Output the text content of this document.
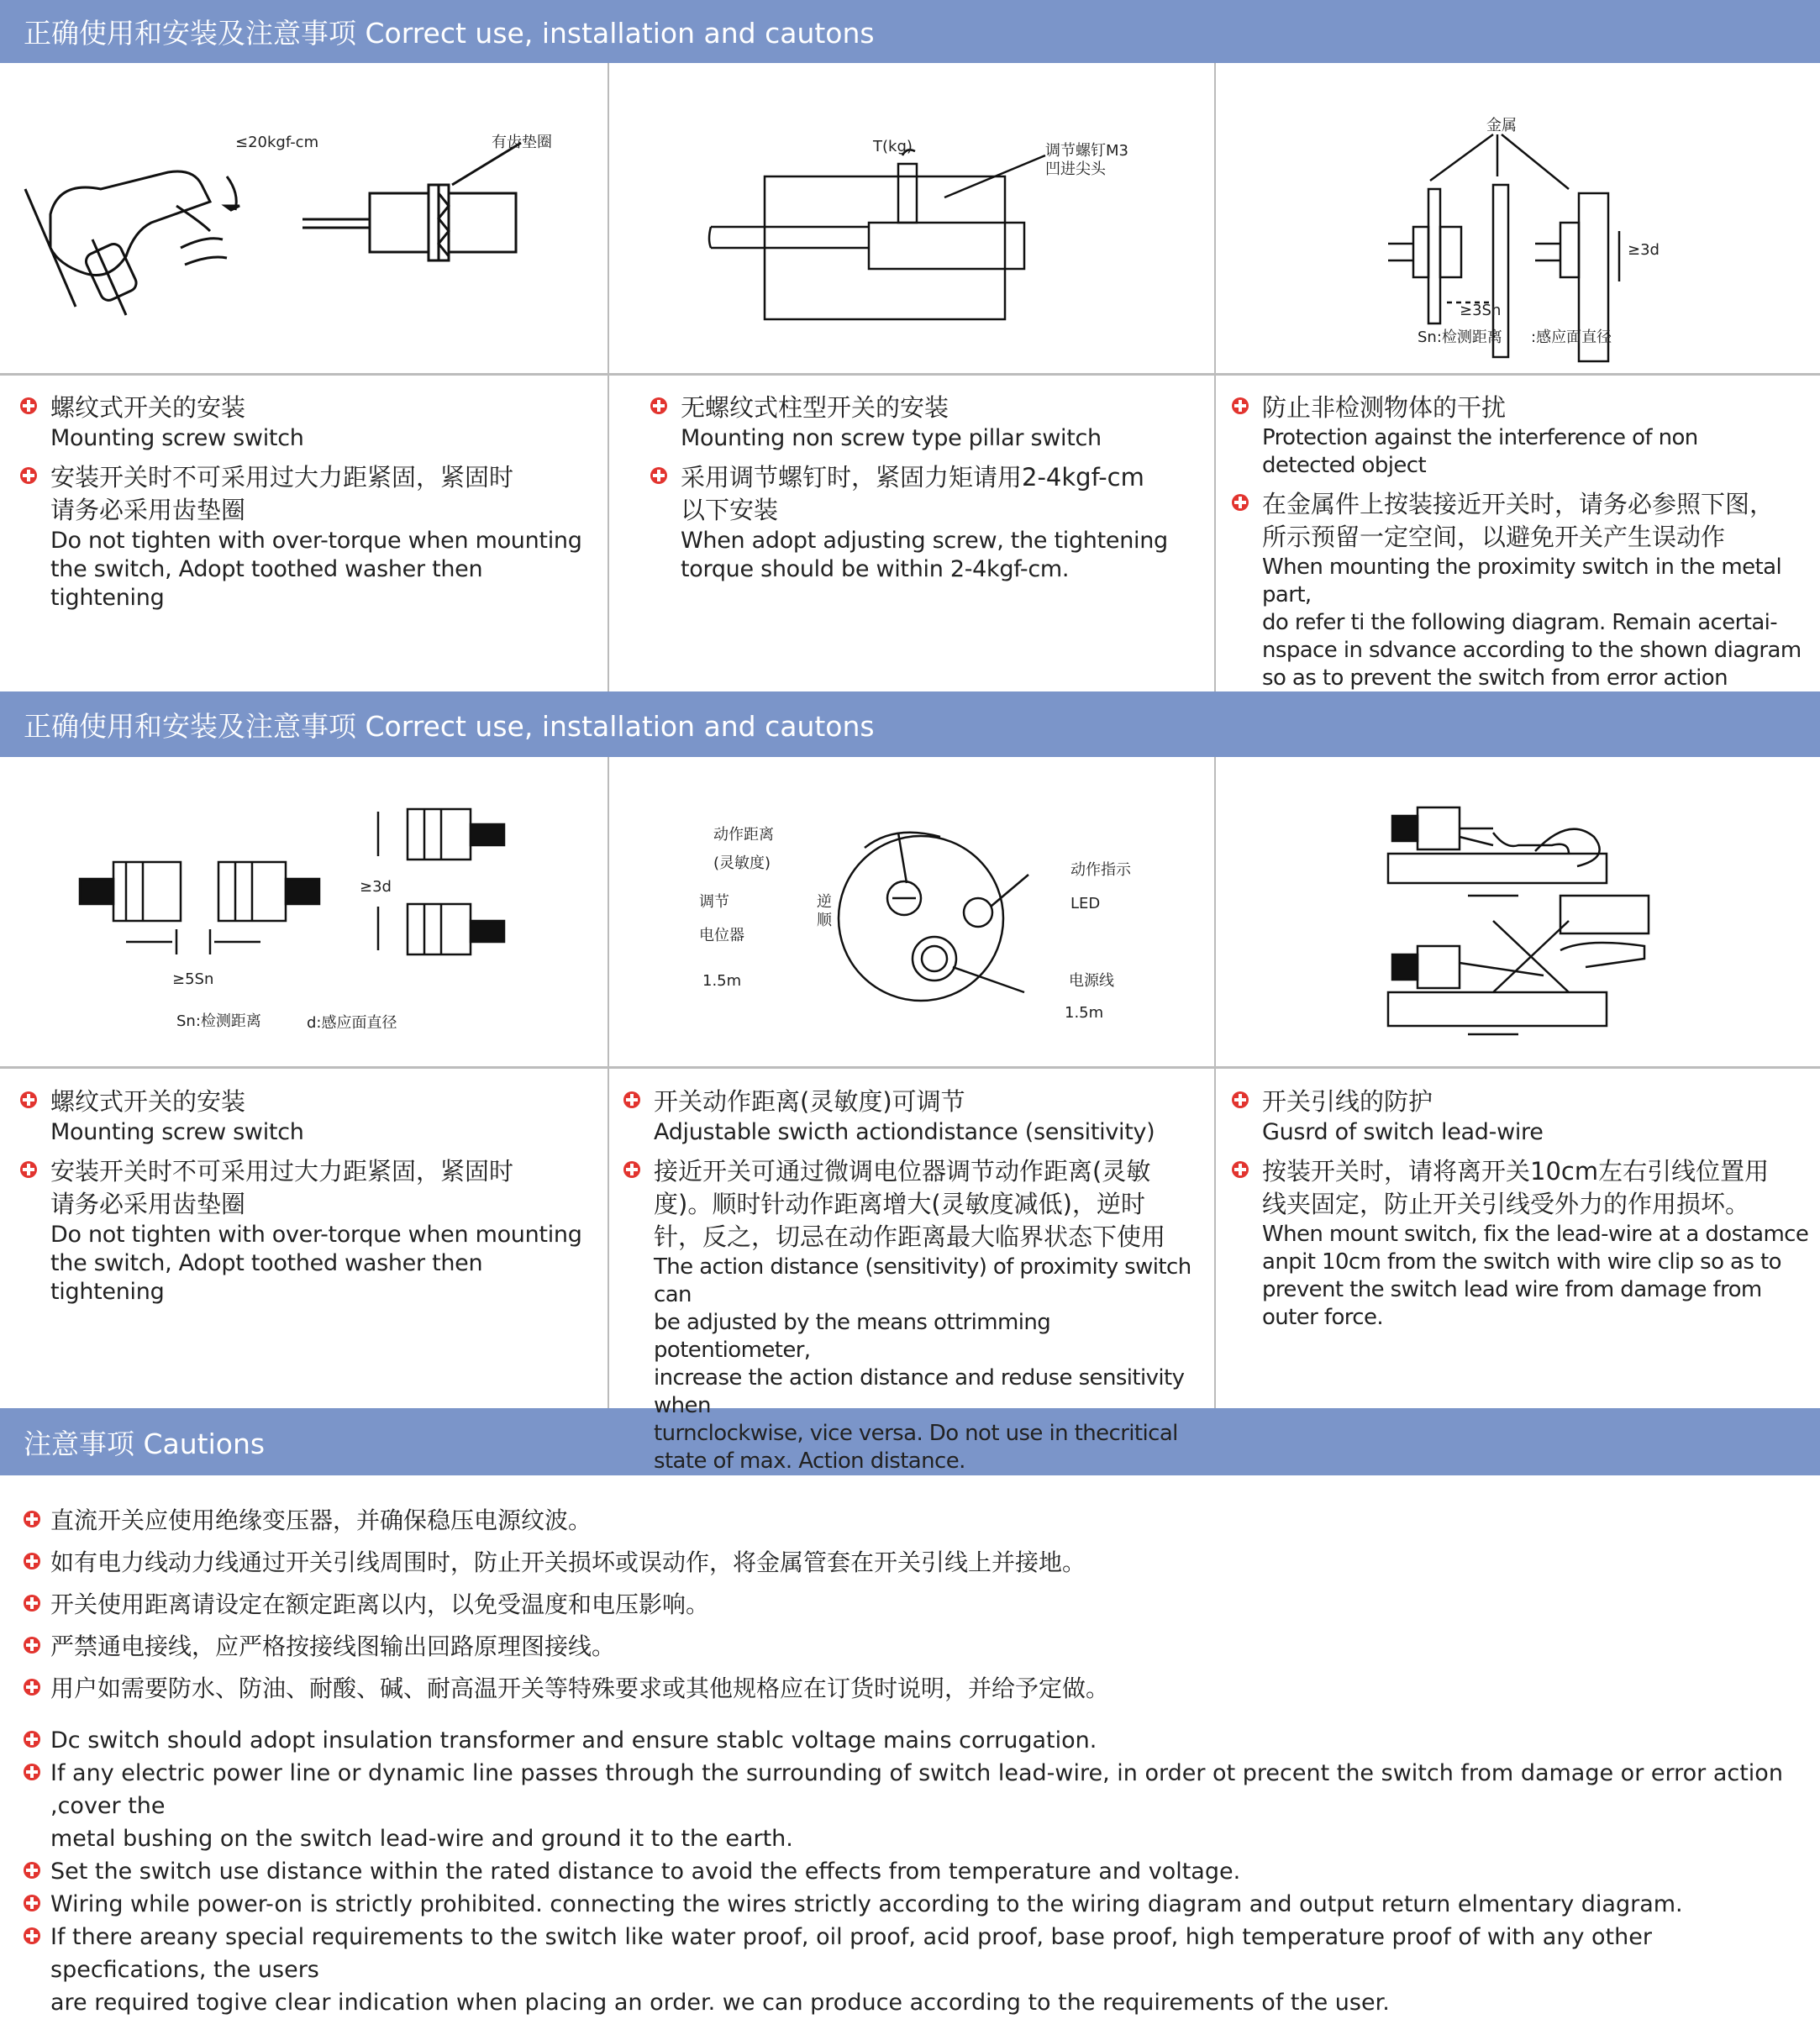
正确使用和安装及注意事项 Correct use, installation and cautons
正确使用和安装及注意事项 Correct use, installation and cautons
注意事项 Cautions
≤20kgf-cm	有齿垫圈	T(kg)	调节螺钉M3
凹进尖头
金属
≥3d
≥3Sn
Sn:检测距离 :感应面直径
螺纹式开关的安装
Mounting screw switch
安装开关时不可采用过大力距紧固，紧固时
请务必采用齿垫圈
Do not tighten with over-torque when mounting
the switch, Adopt toothed washer then tightening
无螺纹式柱型开关的安装
Mounting non screw type pillar switch
采用调节螺钉时，紧固力矩请用2-4kgf-cm
以下安装
When adopt adjusting screw, the tightening
torque should be within 2-4kgf-cm.
防止非检测物体的干扰
Protection against the interference of non
detected object
在金属件上按装接近开关时，请务必参照下图，
所示预留一定空间，以避免开关产生误动作
When mounting the proximity switch in the metal part,
do refer ti the following diagram. Remain acertai-
nspace in sdvance according to the shown diagram
so as to prevent the switch from error action
≥3d
≥5Sn
Sn:检测距离	d:感应面直径
动作距离
(灵敏度)
调节
电位器
1.5m
逆
顺
动作指示
LED
电源线
1.5m
螺纹式开关的安装
Mounting screw switch
安装开关时不可采用过大力距紧固，紧固时
请务必采用齿垫圈
Do not tighten with over-torque when mounting
the switch, Adopt toothed washer then tightening
开关动作距离(灵敏度)可调节
Adjustable swicth actiondistance (sensitivity)
接近开关可通过微调电位器调节动作距离(灵敏
度)。顺时针动作距离增大(灵敏度减低)，逆时
针，反之，切忌在动作距离最大临界状态下使用
The action distance (sensitivity) of proximity switch can
be adjusted by the means ottrimming potentiometer,
increase the action distance and reduse sensitivity when
turnclockwise, vice versa. Do not use in thecritical
state of max. Action distance.
开关引线的防护
Gusrd of switch lead-wire
按装开关时，请将离开关10cm左右引线位置用
线夹固定，防止开关引线受外力的作用损坏。
When mount switch, fix the lead-wire at a dostamce
anpit 10cm from the switch with wire clip so as to
prevent the switch lead wire from damage from
outer force.
直流开关应使用绝缘变压器，并确保稳压电源纹波。
如有电力线动力线通过开关引线周围时，防止开关损坏或误动作，将金属管套在开关引线上并接地。
开关使用距离请设定在额定距离以内，以免受温度和电压影响。
严禁通电接线，应严格按接线图输出回路原理图接线。
用户如需要防水、防油、耐酸、碱、耐高温开关等特殊要求或其他规格应在订货时说明，并给予定做。
Dc switch should adopt insulation transformer and ensure stablc voltage mains corrugation.
If any electric power line or dynamic line passes through the surrounding of switch lead-wire, in order ot precent the switch from damage or error action ,cover the
metal bushing on the switch lead-wire and ground it to the earth.
Set the switch use distance within the rated distance to avoid the effects from temperature and voltage.
Wiring while power-on is strictly prohibited. connecting the wires strictly according to the wiring diagram and output return elmentary diagram.
If there areany special requirements to the switch like water proof, oil proof, acid proof, base proof, high temperature proof of with any other specfications, the users
are required togive clear indication when placing an order. we can produce according to the requirements of the user.
